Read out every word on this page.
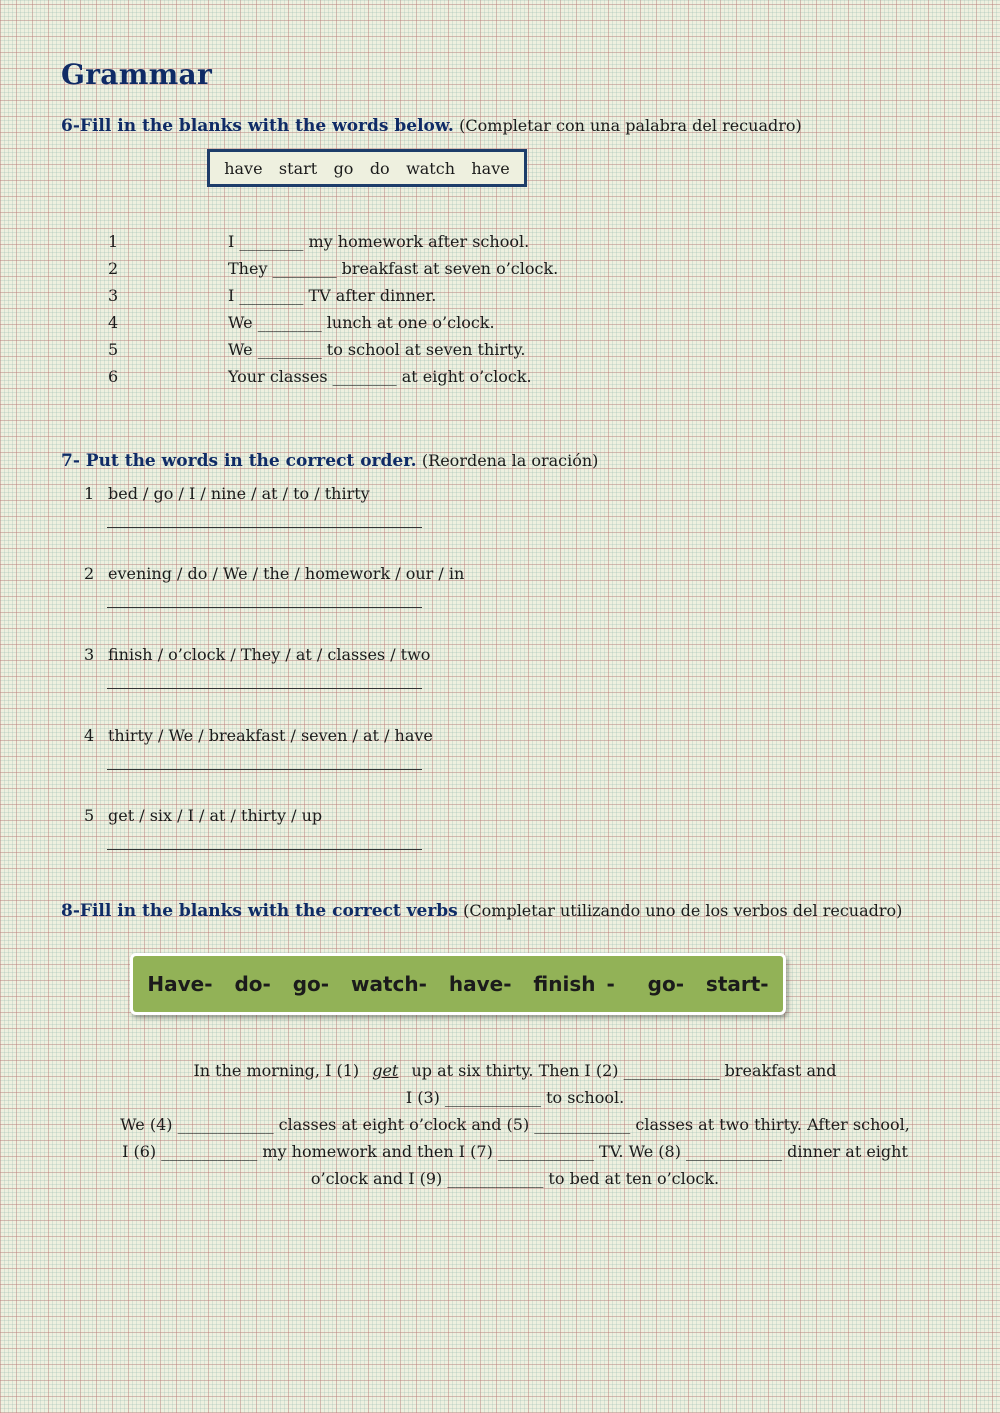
Grammar
6-Fill in the blanks with the words below. (Completar con una palabra del recuadro)
have start go do watch have
1	I ________ my homework after school.
2	They ________ breakfast at seven o’clock.
3	I ________ TV after dinner.
4	We ________ lunch at one o’clock.
5	We ________ to school at seven thirty.
6	Your classes ________ at eight o’clock.
7- Put the words in the correct order. (Reordena la oración)
1 bed / go / I / nine / at / to / thirty
2 evening / do / We / the / homework / our / in
3 finish / o’clock / They / at / classes / two
4 thirty / We / breakfast / seven / at / have
5 get / six / I / at / thirty / up
8-Fill in the blanks with the correct verbs (Completar utilizando uno de los verbos del recuadro)
Have-  do-  go-  watch-  have-  finish -   go-  start-

In the morning, I (1) get up at six thirty. Then I (2) ____________ breakfast and

I (3) ____________ to school.

We (4) ____________ classes at eight o’clock and (5) ____________ classes at two thirty. After school,

I (6) ____________ my homework and then I (7) ____________ TV. We (8) ____________ dinner at eight

o’clock and I (9) ____________ to bed at ten o’clock.
